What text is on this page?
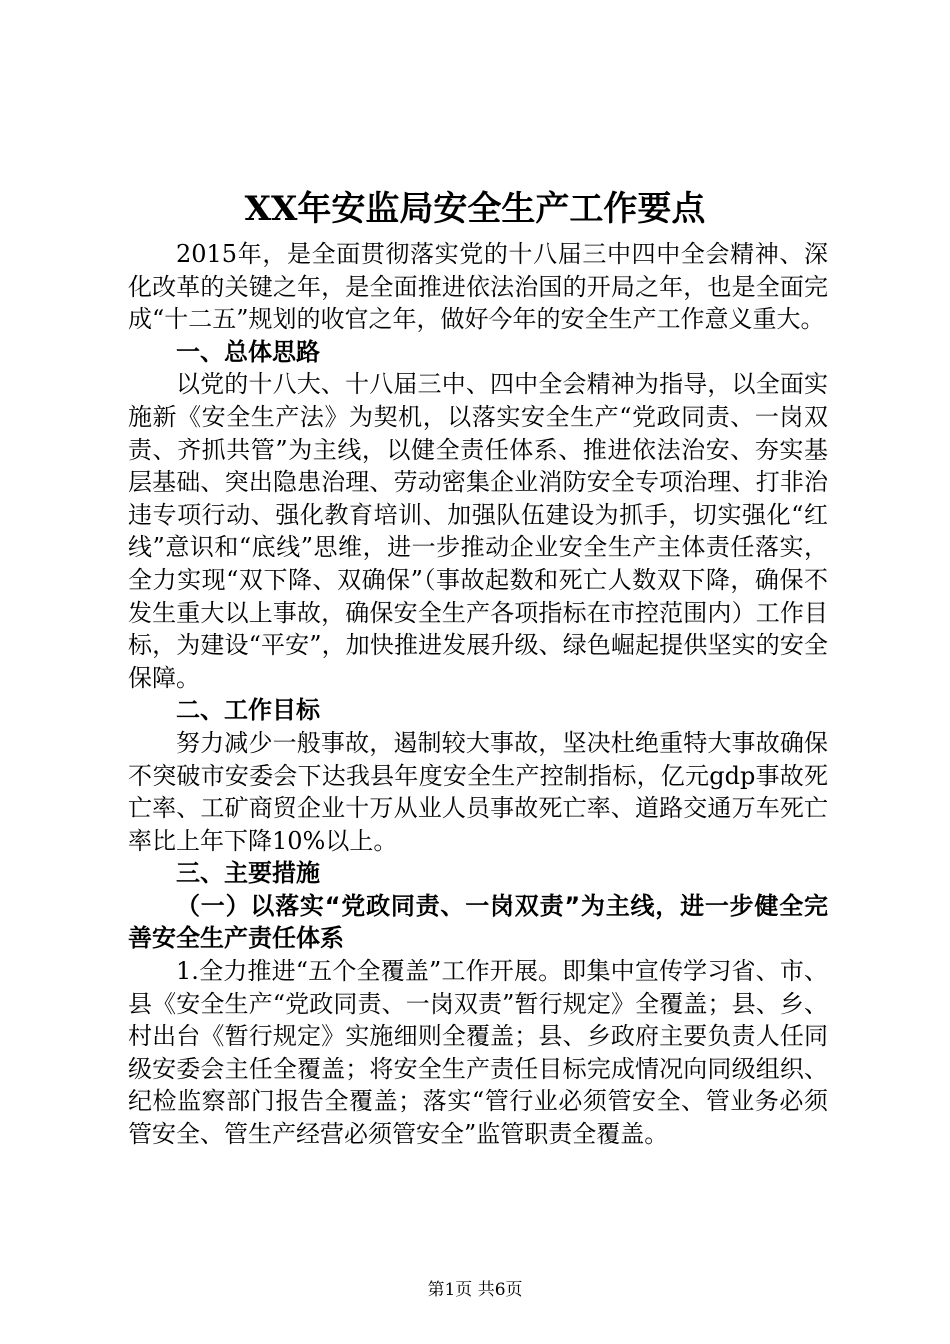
XX年安监局安全生产工作要点

2015年，是全面贯彻落实党的十八届三中四中全会精神、深化改革的关键之年，是全面推进依法治国的开局之年，也是全面完成“十二五”规划的收官之年，做好今年的安全生产工作意义重大。

一、总体思路

以党的十八大、十八届三中、四中全会精神为指导，以全面实施新《安全生产法》为契机，以落实安全生产“党政同责、一岗双责、齐抓共管”为主线，以健全责任体系、推进依法治安、夯实基层基础、突出隐患治理、劳动密集企业消防安全专项治理、打非治违专项行动、强化教育培训、加强队伍建设为抓手，切实强化“红线”意识和“底线”思维，进一步推动企业安全生产主体责任落实，全力实现“双下降、双确保”（事故起数和死亡人数双下降，确保不发生重大以上事故，确保安全生产各项指标在市控范围内）工作目标，为建设“平安”，加快推进发展升级、绿色崛起提供坚实的安全保障。

二、工作目标

努力减少一般事故，遏制较大事故，坚决杜绝重特大事故确保不突破市安委会下达我县年度安全生产控制指标，亿元gdp事故死亡率、工矿商贸企业十万从业人员事故死亡率、道路交通万车死亡率比上年下降10%以上。

三、主要措施

（一）以落实“党政同责、一岗双责”为主线，进一步健全完善安全生产责任体系

1.全力推进“五个全覆盖”工作开展。即集中宣传学习省、市、县《安全生产“党政同责、一岗双责”暂行规定》全覆盖；县、乡、村出台《暂行规定》实施细则全覆盖；县、乡政府主要负责人任同级安委会主任全覆盖；将安全生产责任目标完成情况向同级组织、纪检监察部门报告全覆盖；落实“管行业必须管安全、管业务必须管安全、管生产经营必须管安全”监管职责全覆盖。

第1页 共6页
